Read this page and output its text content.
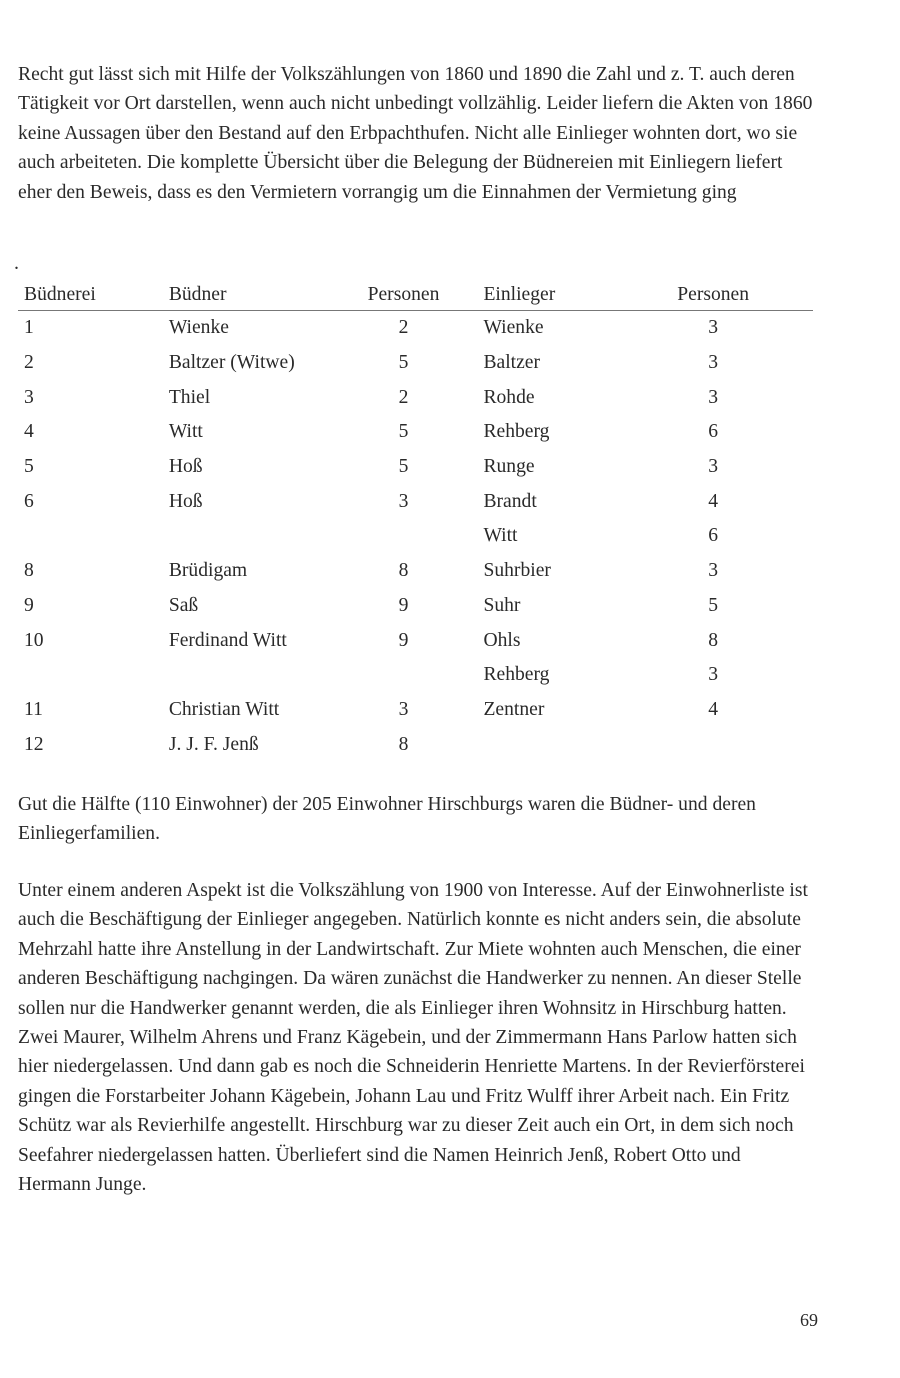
Recht gut lässt sich mit Hilfe der Volkszählungen von 1860 und 1890 die Zahl und z. T. auch deren Tätigkeit vor Ort darstellen, wenn auch nicht unbedingt vollzählig. Leider liefern die Akten von 1860 keine Aussagen über den Bestand auf den Erbpachthufen. Nicht alle Einlieger wohnten dort, wo sie auch arbeiteten. Die komplette Übersicht über die Belegung der Büdnereien mit Einliegern liefert eher den Beweis, dass es den Vermietern vorrangig um die Einnahmen der Vermietung ging

.
Büdnerei	Büdner	Personen	Einlieger	Personen
1	Wienke	2	Wienke	3
2	Baltzer (Witwe)	5	Baltzer	3
3	Thiel	2	Rohde	3
4	Witt	5	Rehberg	6
5	Hoß	5	Runge	3
6	Hoß	3	Brandt	4
			Witt	6
8	Brüdigam	8	Suhrbier	3
9	Saß	9	Suhr	5
10	Ferdinand Witt	9	Ohls	8
			Rehberg	3
11	Christian Witt	3	Zentner	4
12	J. J. F. Jenß	8		

Gut die Hälfte (110 Einwohner) der 205 Einwohner Hirschburgs waren die Büdner- und deren Einliegerfamilien.

Unter einem anderen Aspekt ist die Volkszählung von 1900 von Interesse. Auf der Einwohnerliste ist auch die Beschäftigung der Einlieger angegeben. Natürlich konnte es nicht anders sein, die absolute Mehrzahl hatte ihre Anstellung in der Landwirtschaft. Zur Miete wohnten auch Menschen, die einer anderen Beschäftigung nachgingen. Da wären zunächst die Handwerker zu nennen. An dieser Stelle sollen nur die Handwerker genannt werden, die als Einlieger ihren Wohnsitz in Hirschburg hatten. Zwei Maurer, Wilhelm Ahrens und Franz Kägebein, und der Zimmermann Hans Parlow hatten sich hier niedergelassen. Und dann gab es noch die Schneiderin Henriette Martens. In der Revierförsterei gingen die Forstarbeiter Johann Kägebein, Johann Lau und Fritz Wulff ihrer Arbeit nach. Ein Fritz Schütz war als Revierhilfe angestellt. Hirschburg war zu dieser Zeit auch ein Ort, in dem sich noch Seefahrer niedergelassen hatten. Überliefert sind die Namen Heinrich Jenß, Robert Otto und Hermann Junge.

69
